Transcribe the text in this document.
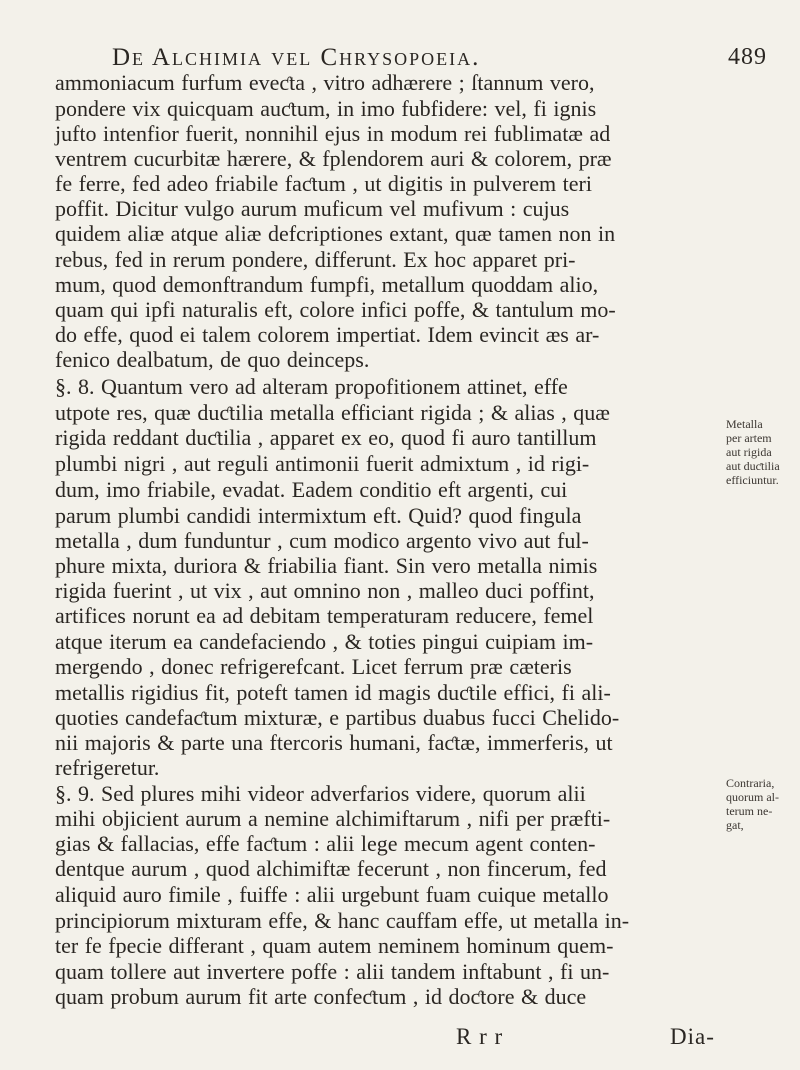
De Alchimia vel Chrysopoeia.	489
ammoniacum furfum eveƈta , vitro adhærere ; ſtannum vero,
pondere vix quicquam auƈtum, in imo fubfidere: vel, fi ignis
jufto intenfior fuerit, nonnihil ejus in modum rei fublimatæ ad
ventrem cucurbitæ hærere, & fplendorem auri & colorem, præ
fe ferre, fed adeo friabile faƈtum , ut digitis in pulverem teri
poffit. Dicitur vulgo aurum muficum vel mufivum : cujus
quidem aliæ atque aliæ defcriptiones extant, quæ tamen non in
rebus, fed in rerum pondere, differunt. Ex hoc apparet pri-
mum, quod demonftrandum fumpfi, metallum quoddam alio,
quam qui ipfi naturalis eft, colore infici poffe, & tantulum mo-
do effe, quod ei talem colorem impertiat. Idem evincit æs ar-
fenico dealbatum, de quo deinceps.
§. 8. Quantum vero ad alteram propofitionem attinet, effe
utpote res, quæ duƈtilia metalla efficiant rigida ; & alias , quæ
rigida reddant duƈtilia , apparet ex eo, quod fi auro tantillum
plumbi nigri , aut reguli antimonii fuerit admixtum , id rigi-
dum, imo friabile, evadat. Eadem conditio eft argenti, cui
parum plumbi candidi intermixtum eft. Quid? quod fingula
metalla , dum funduntur , cum modico argento vivo aut ful-
phure mixta, duriora & friabilia fiant. Sin vero metalla nimis
rigida fuerint , ut vix , aut omnino non , malleo duci poffint,
artifices norunt ea ad debitam temperaturam reducere, femel
atque iterum ea candefaciendo , & toties pingui cuipiam im-
mergendo , donec refrigerefcant. Licet ferrum præ cæteris
metallis rigidius fit, poteft tamen id magis duƈtile effici, fi ali-
quoties candefaƈtum mixturæ, e partibus duabus fucci Chelido-
nii majoris & parte una ftercoris humani, faƈtæ, immerferis, ut
refrigeretur.
§. 9. Sed plures mihi videor adverfarios videre, quorum alii
mihi objicient aurum a nemine alchimiftarum , nifi per præfti-
gias & fallacias, effe faƈtum : alii lege mecum agent conten-
dentque aurum , quod alchimiftæ fecerunt , non fincerum, fed
aliquid auro fimile , fuiffe : alii urgebunt fuam cuique metallo
principiorum mixturam effe, & hanc cauffam effe, ut metalla in-
ter fe fpecie differant , quam autem neminem hominum quem-
quam tollere aut invertere poffe : alii tandem inftabunt , fi un-
quam probum aurum fit arte confeƈtum , id doƈtore & duce
Metalla
per artem
aut rigida
aut duƈtilia
efficiuntur.
Contraria,
quorum al-
terum ne-
gat,
R r r	Dia-
